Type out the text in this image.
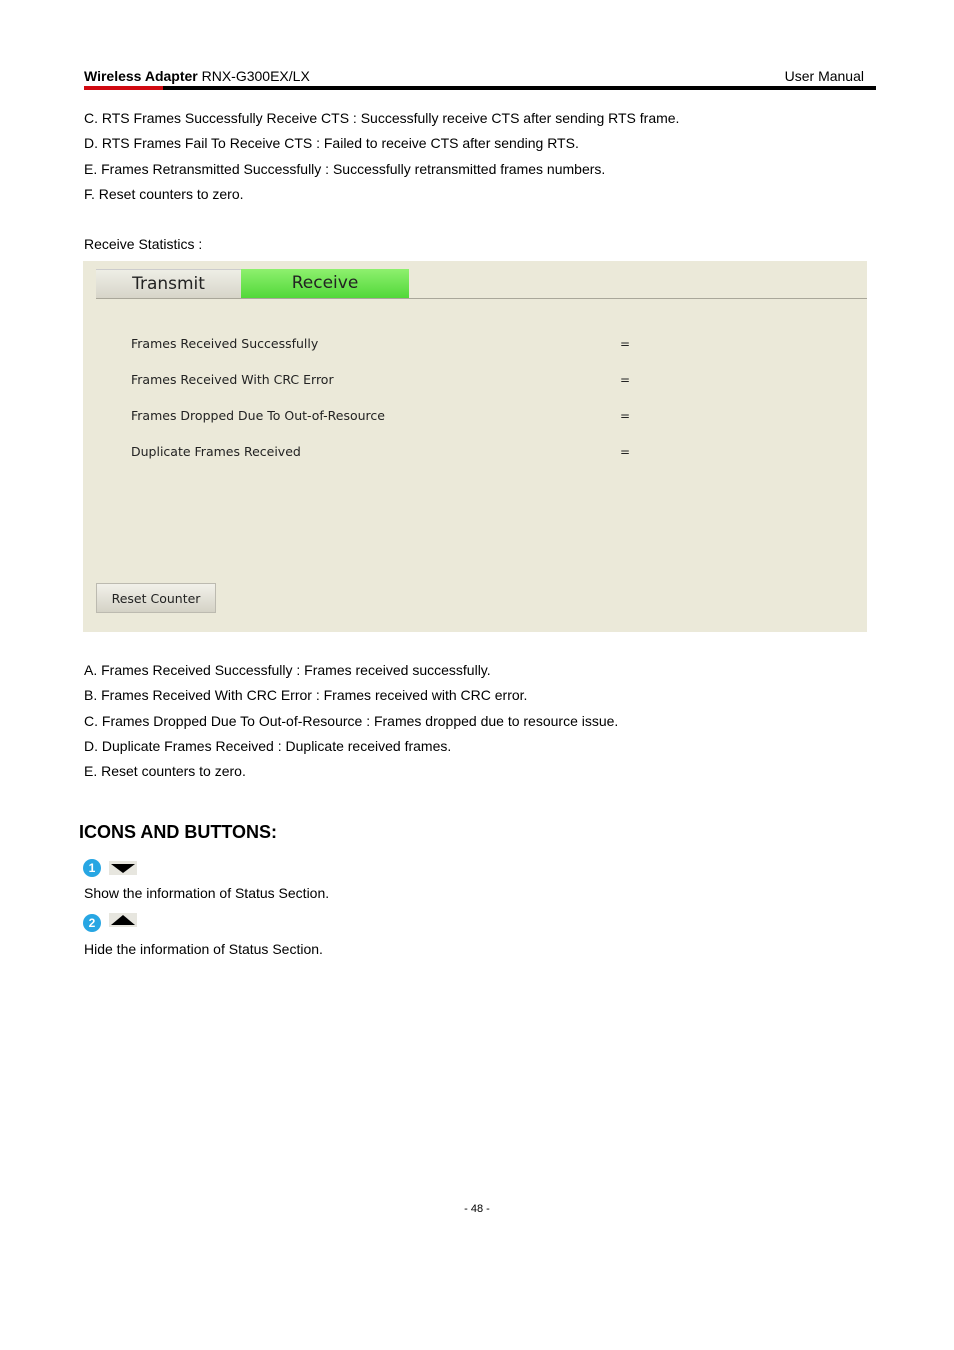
Wireless Adapter RNX-G300EX/LX	User Manual
C. RTS Frames Successfully Receive CTS : Successfully receive CTS after sending RTS frame.
D. RTS Frames Fail To Receive CTS : Failed to receive CTS after sending RTS.
E. Frames Retransmitted Successfully : Successfully retransmitted frames numbers.
F. Reset counters to zero.
Receive Statistics :
Transmit	Receive
Frames Received Successfully	=
Frames Received With CRC Error	=
Frames Dropped Due To Out-of-Resource	=
Duplicate Frames Received	=
Reset Counter
A. Frames Received Successfully : Frames received successfully.
B. Frames Received With CRC Error : Frames received with CRC error.
C. Frames Dropped Due To Out-of-Resource : Frames dropped due to resource issue.
D. Duplicate Frames Received : Duplicate received frames.
E. Reset counters to zero.
ICONS AND BUTTONS:
1
Show the information of Status Section.
2
Hide the information of Status Section.
- 48 -
